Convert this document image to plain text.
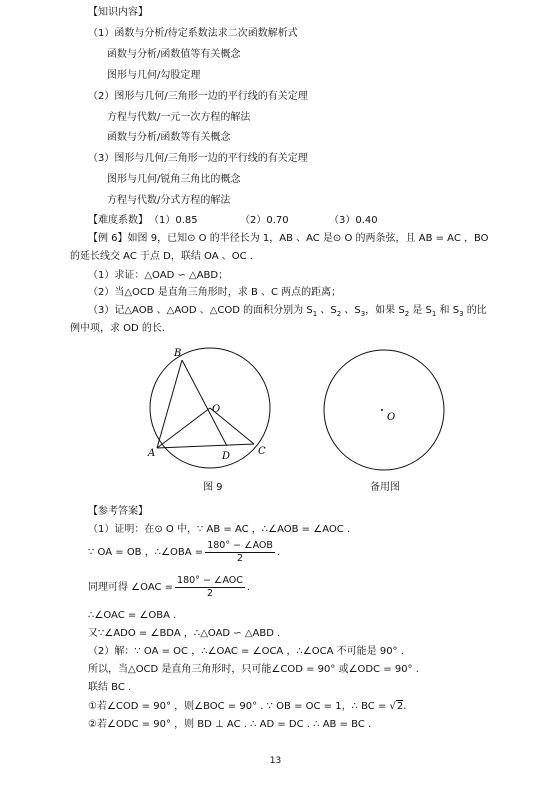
【知识内容】
（1）函数与分析/待定系数法求二次函数解析式
函数与分析/函数值等有关概念
图形与几何/勾股定理
（2）图形与几何/三角形一边的平行线的有关定理
方程与代数/一元一次方程的解法
函数与分析/函数等有关概念
（3）图形与几何/三角形一边的平行线的有关定理
图形与几何/锐角三角比的概念
方程与代数/分式方程的解法
【难度系数】 （1）0.85	（2）0.70	（3）0.40
【例 6】如图 9，已知⊙ O 的半径长为 1，AB 、AC 是⊙ O 的两条弦，且 AB = AC ，BO
的延长线交 AC 于点 D，联结 OA 、OC .
（1）求证：△OAD ∽ △ABD；
（2）当△OCD 是直角三角形时，求 B 、C 两点的距离；
（3）记△AOB 、△AOD 、△COD 的面积分别为 $S_1$ 、$S_2$ 、$S_3$，如果 $S_2$ 是 $S_1$ 和 $S_3$ 的比
例中项，求 OD 的长.
B
O
A	D	C
图 9
O
备用图
【参考答案】
（1）证明：在⊙ O 中，∵ AB = AC ，∴∠AOB = ∠AOC .
∵ OA = OB ，∴∠OBA = $\frac{\text{180° − ∠AOB}}{2}$ .
同理可得 ∠OAC = $\frac{\text{180° − ∠AOC}}{2}$ .
∴∠OAC = ∠OBA .
又∵∠ADO = ∠BDA ，∴△OAD ∽ △ABD .
（2）解：∵ OA = OC ，∴∠OAC = ∠OCA ，∴∠OCA 不可能是 90° .
所以，当△OCD 是直角三角形时，只可能∠COD = 90° 或∠ODC = 90° .
联结 BC .
①若∠COD = 90° ，则∠BOC = 90° . ∵ OB = OC = 1，∴ BC = √2.
②若∠ODC = 90° ，则 BD ⊥ AC . ∴ AD = DC . ∴ AB = BC .
13
